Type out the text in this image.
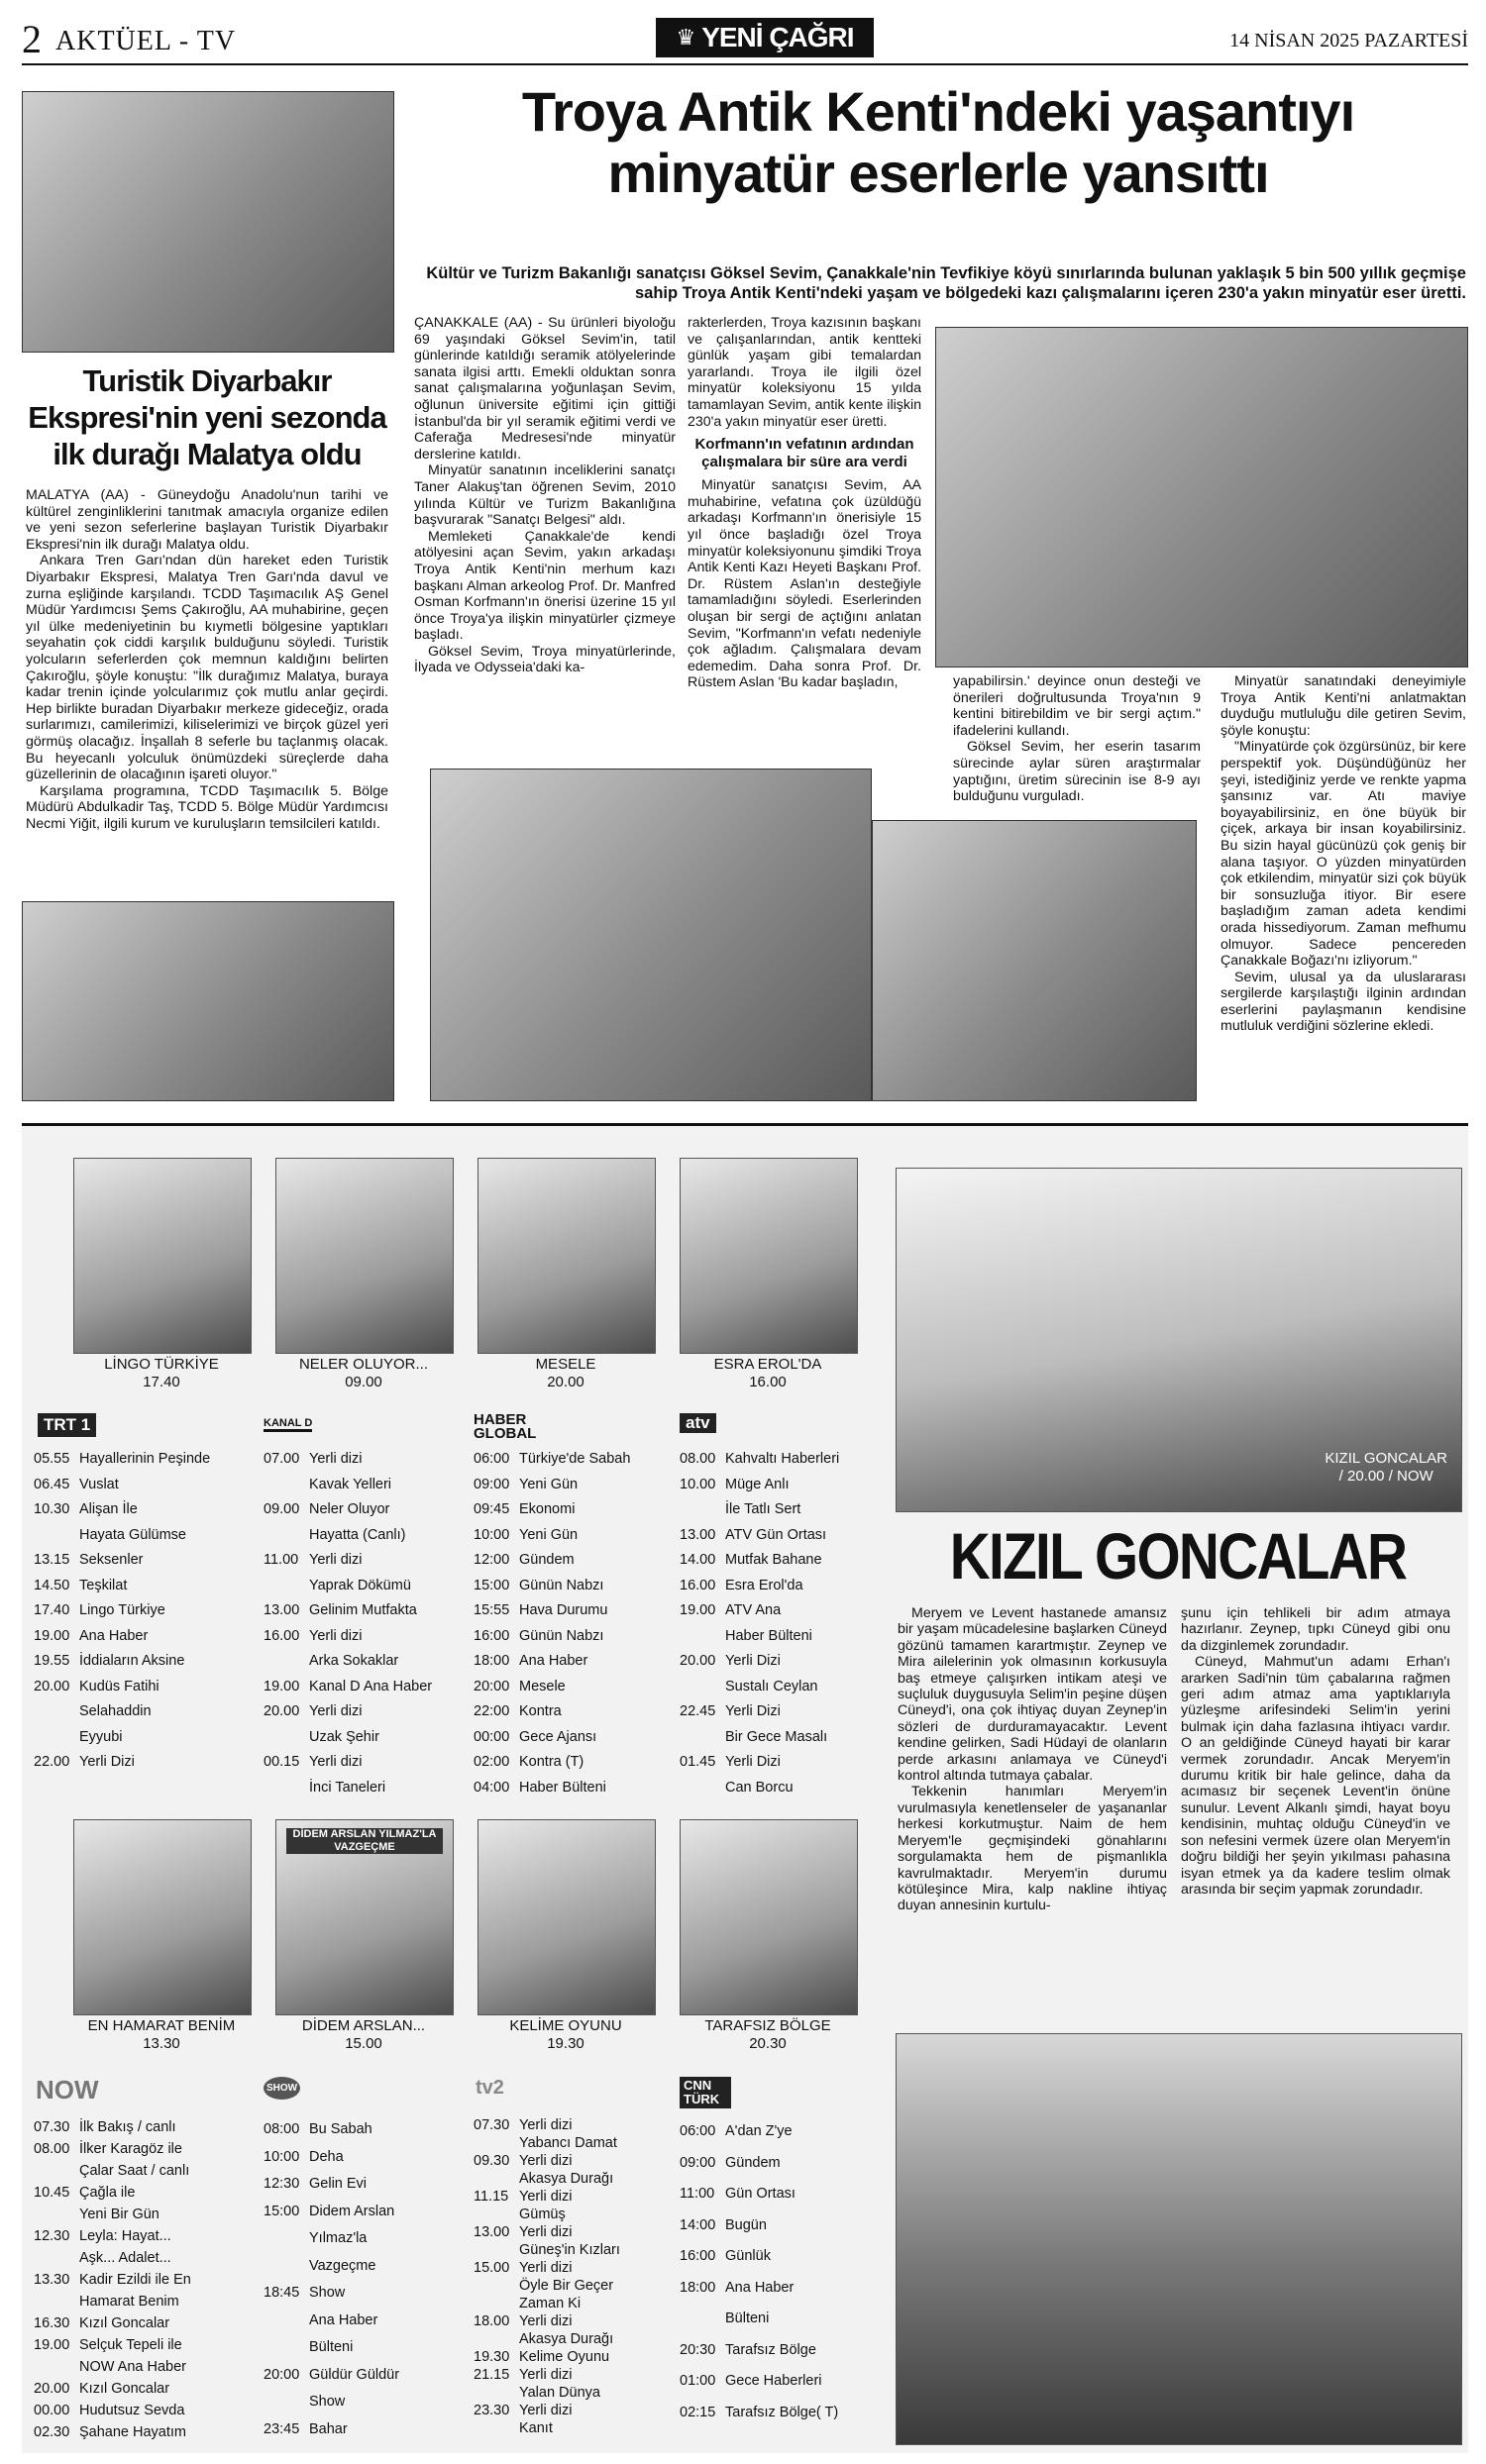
2 AKTÜEL - TV	♛ YENİ ÇAĞRI	14 NİSAN 2025 PAZARTESİ
Turistik Diyarbakır Ekspresi'nin yeni sezonda ilk durağı Malatya oldu

MALATYA (AA) - Güneydoğu Anadolu'nun tarihi ve kültürel zenginliklerini tanıtmak amacıyla organize edilen ve yeni sezon seferlerine başlayan Turistik Diyarbakır Ekspresi'nin ilk durağı Malatya oldu.

Ankara Tren Garı'ndan dün hareket eden Turistik Diyarbakır Ekspresi, Malatya Tren Garı'nda davul ve zurna eşliğinde karşılandı. TCDD Taşımacılık AŞ Genel Müdür Yardımcısı Şems Çakıroğlu, AA muhabirine, geçen yıl ülke medeniyetinin bu kıymetli bölgesine yaptıkları seyahatin çok ciddi karşılık bulduğunu söyledi. Turistik yolcuların seferlerden çok memnun kaldığını belirten Çakıroğlu, şöyle konuştu: "İlk durağımız Malatya, buraya kadar trenin içinde yolcularımız çok mutlu anlar geçirdi. Hep birlikte buradan Diyarbakır merkeze gideceğiz, orada surlarımızı, camilerimizi, kiliselerimizi ve birçok güzel yeri görmüş olacağız. İnşallah 8 seferle bu taçlanmış olacak. Bu heyecanlı yolculuk önümüzdeki süreçlerde daha güzellerinin de olacağının işareti oluyor."

Karşılama programına, TCDD Taşımacılık 5. Bölge Müdürü Abdulkadir Taş, TCDD 5. Bölge Müdür Yardımcısı Necmi Yiğit, ilgili kurum ve kuruluşların temsilcileri katıldı.

Troya Antik Kenti'ndeki yaşantıyı
minyatür eserlerle yansıttı
Kültür ve Turizm Bakanlığı sanatçısı Göksel Sevim, Çanakkale'nin Tevfikiye köyü sınırlarında bulunan yaklaşık 5 bin 500 yıllık geçmişe sahip Troya Antik Kenti'ndeki yaşam ve bölgedeki kazı çalışmalarını içeren 230'a yakın minyatür eser üretti.

ÇANAKKALE (AA) - Su ürünleri biyoloğu 69 yaşındaki Göksel Sevim'in, tatil günlerinde katıldığı seramik atölyelerinde sanata ilgisi arttı. Emekli olduktan sonra sanat çalışmalarına yoğunlaşan Sevim, oğlunun üniversite eğitimi için gittiği İstanbul'da bir yıl seramik eğitimi verdi ve Caferağa Medresesi'nde minyatür derslerine katıldı.

Minyatür sanatının inceliklerini sanatçı Taner Alakuş'tan öğrenen Sevim, 2010 yılında Kültür ve Turizm Bakanlığına başvurarak "Sanatçı Belgesi" aldı.

Memleketi Çanakkale'de kendi atölyesini açan Sevim, yakın arkadaşı Troya Antik Kenti'nin merhum kazı başkanı Alman arkeolog Prof. Dr. Manfred Osman Korfmann'ın önerisi üzerine 15 yıl önce Troya'ya ilişkin minyatürler çizmeye başladı.

Göksel Sevim, Troya minyatürlerinde, İlyada ve Odysseia'daki ka-

rakterlerden, Troya kazısının başkanı ve çalışanlarından, antik kentteki günlük yaşam gibi temalardan yararlandı. Troya ile ilgili özel minyatür koleksiyonu 15 yılda tamamlayan Sevim, antik kente ilişkin 230'a yakın minyatür eser üretti.

Korfmann'ın vefatının ardından çalışmalara bir süre ara verdi

Minyatür sanatçısı Sevim, AA muhabirine, vefatına çok üzüldüğü arkadaşı Korfmann'ın önerisiyle 15 yıl önce başladığı özel Troya minyatür koleksiyonunu şimdiki Troya Antik Kenti Kazı Heyeti Başkanı Prof. Dr. Rüstem Aslan'ın desteğiyle tamamladığını söyledi. Eserlerinden oluşan bir sergi de açtığını anlatan Sevim, "Korfmann'ın vefatı nedeniyle çok ağladım. Çalışmalara devam edemedim. Daha sonra Prof. Dr. Rüstem Aslan 'Bu kadar başladın,	yapabilirsin.' deyince onun desteği ve önerileri doğrultusunda Troya'nın 9 kentini bitirebildim ve bir sergi açtım." ifadelerini kullandı.

Göksel Sevim, her eserin tasarım sürecinde aylar süren araştırmalar yaptığını, üretim sürecinin ise 8-9 ayı bulduğunu vurguladı.

Minyatür sanatındaki deneyimiyle Troya Antik Kenti'ni anlatmaktan duyduğu mutluluğu dile getiren Sevim, şöyle konuştu:

"Minyatürde çok özgürsünüz, bir kere perspektif yok. Düşündüğünüz her şeyi, istediğiniz yerde ve renkte yapma şansınız var. Atı maviye boyayabilirsiniz, en öne büyük bir çiçek, arkaya bir insan koyabilirsiniz. Bu sizin hayal gücünüzü çok geniş bir alana taşıyor. O yüzden minyatürden çok etkilendim, minyatür sizi çok büyük bir sonsuzluğa itiyor. Bir esere başladığım zaman adeta kendimi orada hissediyorum. Zaman mefhumu olmuyor. Sadece pencereden Çanakkale Boğazı'nı izliyorum."

Sevim, ulusal ya da uluslararası sergilerde karşılaştığı ilginin ardından eserlerini paylaşmanın kendisine mutluluk verdiğini sözlerine ekledi.

LİNGO TÜRKİYE
17.40
NELER OLUYOR...
09.00
MESELE
20.00
ESRA EROL'DA
16.00
TRT 1	KANAL D	HABER GLOBAL
atv
05.55 Hayallerinin Peşinde
06.45 Vuslat
10.30 Alişan İle
Hayata Gülümse
13.15 Seksenler
14.50 Teşkilat
17.40 Lingo Türkiye
19.00 Ana Haber
19.55 İddiaların Aksine
20.00 Kudüs Fatihi
Selahaddin
Eyyubi
22.00 Yerli Dizi
07.00 Yerli dizi
Kavak Yelleri
09.00 Neler Oluyor
Hayatta (Canlı)
11.00 Yerli dizi
Yaprak Dökümü
13.00 Gelinim Mutfakta
16.00 Yerli dizi
Arka Sokaklar
19.00 Kanal D Ana Haber
20.00 Yerli dizi
Uzak Şehir
00.15 Yerli dizi
İnci Taneleri
06:00 Türkiye'de Sabah
09:00 Yeni Gün
09:45 Ekonomi
10:00 Yeni Gün
12:00 Gündem
15:00 Günün Nabzı
15:55 Hava Durumu
16:00 Günün Nabzı
18:00 Ana Haber
20:00 Mesele
22:00 Kontra
00:00 Gece Ajansı
02:00 Kontra (T)
04:00 Haber Bülteni
08.00 Kahvaltı Haberleri
10.00 Müge Anlı
İle Tatlı Sert
13.00 ATV Gün Ortası
14.00 Mutfak Bahane
16.00 Esra Erol'da
19.00 ATV Ana
Haber Bülteni
20.00 Yerli Dizi
Sustalı Ceylan
22.45 Yerli Dizi
Bir Gece Masalı
01.45 Yerli Dizi
Can Borcu
DİDEM ARSLAN YILMAZ'LA VAZGEÇME
EN HAMARAT BENİM
13.30
DİDEM ARSLAN...
15.00
KELİME OYUNU
19.30
TARAFSIZ BÖLGE
20.30
NOW	SHOW	tv2	CNN TÜRK
07.30 İlk Bakış / canlı
08.00 İlker Karagöz ile
Çalar Saat / canlı
10.45 Çağla ile
Yeni Bir Gün
12.30 Leyla: Hayat...
Aşk... Adalet...
13.30 Kadir Ezildi ile En
Hamarat Benim
16.30 Kızıl Goncalar
19.00 Selçuk Tepeli ile
NOW Ana Haber
20.00 Kızıl Goncalar
00.00 Hudutsuz Sevda
02.30 Şahane Hayatım
08:00 Bu Sabah
10:00 Deha
12:30 Gelin Evi
15:00 Didem Arslan
Yılmaz'la
Vazgeçme
18:45 Show
Ana Haber
Bülteni
20:00 Güldür Güldür
Show
23:45 Bahar
07.30 Yerli dizi
Yabancı Damat
09.30 Yerli dizi
Akasya Durağı
11.15 Yerli dizi
Gümüş
13.00 Yerli dizi
Güneş'in Kızları
15.00 Yerli dizi
Öyle Bir Geçer
Zaman Ki
18.00 Yerli dizi
Akasya Durağı
19.30 Kelime Oyunu
21.15 Yerli dizi
Yalan Dünya
23.30 Yerli dizi
Kanıt
06:00 A'dan Z'ye
09:00 Gündem
11:00 Gün Ortası
14:00 Bugün
16:00 Günlük
18:00 Ana Haber
Bülteni
20:30 Tarafsız Bölge
01:00 Gece Haberleri
02:15 Tarafsız Bölge( T)
KIZIL GONCALAR
/ 20.00 / NOW
KIZIL GONCALAR

Meryem ve Levent hastanede amansız bir yaşam mücadelesine başlarken Cüneyd gözünü tamamen karartmıştır. Zeynep ve Mira ailelerinin yok olmasının korkusuyla baş etmeye çalışırken intikam ateşi ve suçluluk duygusuyla Selim'in peşine düşen Cüneyd'i, ona çok ihtiyaç duyan Zeynep'in sözleri de durduramayacaktır. Levent kendine gelirken, Sadi Hüdayi de olanların perde arkasını anlamaya ve Cüneyd'i kontrol altında tutmaya çabalar.

Tekkenin hanımları Meryem'in vurulmasıyla kenetlenseler de yaşananlar herkesi korkutmuştur. Naim de hem Meryem'le geçmişindeki gönahlarını sorgulamakta hem de pişmanlıkla kavrulmaktadır. Meryem'in durumu kötüleşince Mira, kalp nakline ihtiyaç duyan annesinin kurtulu-

şunu için tehlikeli bir adım atmaya hazırlanır. Zeynep, tıpkı Cüneyd gibi onu da dizginlemek zorundadır.

Cüneyd, Mahmut'un adamı Erhan'ı ararken Sadi'nin tüm çabalarına rağmen geri adım atmaz ama yaptıklarıyla yüzleşme arifesindeki Selim'in yerini bulmak için daha fazlasına ihtiyacı vardır. O an geldiğinde Cüneyd hayati bir karar vermek zorundadır. Ancak Meryem'in durumu kritik bir hale gelince, daha da acımasız bir seçenek Levent'in önüne sunulur. Levent Alkanlı şimdi, hayat boyu kendisinin, muhtaç olduğu Cüneyd'in ve son nefesini vermek üzere olan Meryem'in doğru bildiği her şeyin yıkılması pahasına isyan etmek ya da kadere teslim olmak arasında bir seçim yapmak zorundadır.
